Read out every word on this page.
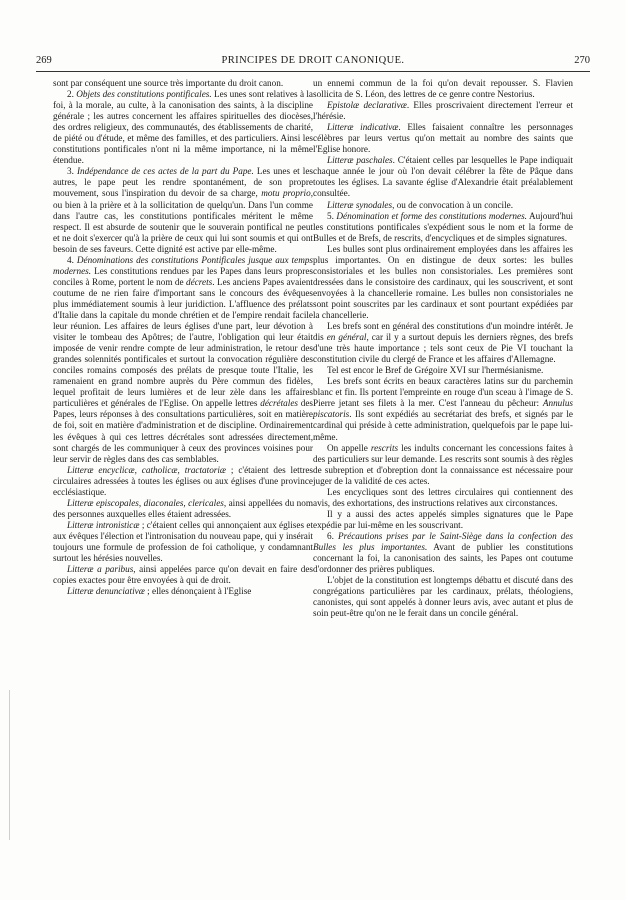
269	PRINCIPES DE DROIT CANONIQUE.	270

sont par conséquent une source très importante du droit canon.

2. Objets des constitutions pontificales. Les unes sont relatives à la foi, à la morale, au culte, à la canonisation des saints, à la discipline générale ; les autres concernent les affaires spirituelles des diocèses, des ordres religieux, des communautés, des établissements de charité, de piété ou d'étude, et même des familles, et des particuliers. Ainsi les constitutions pontificales n'ont ni la même importance, ni la même étendue.

3. Indépendance de ces actes de la part du Pape. Les unes et les autres, le pape peut les rendre spontanément, de son propre mouvement, sous l'inspiration du devoir de sa charge, motu proprio, ou bien à la prière et à la sollicitation de quelqu'un. Dans l'un comme dans l'autre cas, les constitutions pontificales méritent le même respect. Il est absurde de soutenir que le souverain pontifical ne peut et ne doit s'exercer qu'à la prière de ceux qui lui sont soumis et qui ont besoin de ses faveurs. Cette dignité est active par elle-même.

4. Dénominations des constitutions Pontificales jusque aux temps modernes. Les constitutions rendues par les Papes dans leurs propres conciles à Rome, portent le nom de décrets. Les anciens Papes avaient coutume de ne rien faire d'important sans le concours des évêques plus immédiatement soumis à leur juridiction. L'affluence des prélats d'Italie dans la capitale du monde chrétien et de l'empire rendait facile leur réunion. Les affaires de leurs églises d'une part, leur dévotion à visiter le tombeau des Apôtres; de l'autre, l'obligation qui leur était imposée de venir rendre compte de leur administration, le retour des grandes solennités pontificales et surtout la convocation régulière des conciles romains composés des prélats de presque toute l'Italie, les ramenaient en grand nombre auprès du Père commun des fidèles, lequel profitait de leurs lumières et de leur zèle dans les affaires particulières et générales de l'Eglise. On appelle lettres décrétales des Papes, leurs réponses à des consultations particulières, soit en matière de foi, soit en matière d'administration et de discipline. Ordinairement les évêques à qui ces lettres décrétales sont adressées directement, sont chargés de les communiquer à ceux des provinces voisines pour leur servir de règles dans des cas semblables.

Litteræ encyclicæ, catholicæ, tractatoriæ ; c'étaient des lettres circulaires adressées à toutes les églises ou aux églises d'une province ecclésiastique.

Litteræ episcopales, diaconales, clericales, ainsi appellées du nom des personnes auxquelles elles étaient adressées.

Litteræ intronisticæ ; c'étaient celles qui annonçaient aux églises et aux évêques l'élection et l'intronisation du nouveau pape, qui y insérait toujours une formule de profession de foi catholique, y condamnant surtout les hérésies nouvelles.

Litteræ a paribus, ainsi appelées parce qu'on devait en faire des copies exactes pour être envoyées à qui de droit.

Litteræ denunciativæ ; elles dénonçaient à l'Eglise

un ennemi commun de la foi qu'on devait repousser. S. Flavien sollicita de S. Léon, des lettres de ce genre contre Nestorius.

Epistolæ declarativæ. Elles proscrivaient directement l'erreur et l'hérésie.

Litteræ indicativæ. Elles faisaient connaître les personnages célèbres par leurs vertus qu'on mettait au nombre des saints que l'Eglise honore.

Litteræ paschales. C'étaient celles par lesquelles le Pape indiquait chaque année le jour où l'on devait célébrer la fête de Pâque dans toutes les églises. La savante église d'Alexandrie était préalablement consultée.

Litteræ synodales, ou de convocation à un concile.

5. Dénomination et forme des constitutions modernes. Aujourd'hui les constitutions pontificales s'expédient sous le nom et la forme de Bulles et de Brefs, de rescrits, d'encycliques et de simples signatures.

Les bulles sont plus ordinairement employées dans les affaires les plus importantes. On en distingue de deux sortes: les bulles consistoriales et les bulles non consistoriales. Les premières sont dressées dans le consistoire des cardinaux, qui les souscrivent, et sont envoyées à la chancellerie romaine. Les bulles non consistoriales ne sont point souscrites par les cardinaux et sont pourtant expédiées par la chancellerie.

Les brefs sont en général des constitutions d'un moindre intérêt. Je dis en général, car il y a surtout depuis les derniers règnes, des brefs d'une très haute importance ; tels sont ceux de Pie VI touchant la constitution civile du clergé de France et les affaires d'Allemagne.

Tel est encor le Bref de Grégoire XVI sur l'hermésianisme.

Les brefs sont écrits en beaux caractères latins sur du parchemin blanc et fin. Ils portent l'empreinte en rouge d'un sceau à l'image de S. Pierre jetant ses filets à la mer. C'est l'anneau du pêcheur: Annulus piscatoris. Ils sont expédiés au secrétariat des brefs, et signés par le cardinal qui préside à cette administration, quelquefois par le pape lui-même.

On appelle rescrits les indults concernant les concessions faites à des particuliers sur leur demande. Les rescrits sont soumis à des règles de subreption et d'obreption dont la connaissance est nécessaire pour juger de la validité de ces actes.

Les encycliques sont des lettres circulaires qui contiennent des avis, des exhortations, des instructions relatives aux circonstances.

Il y a aussi des actes appelés simples signatures que le Pape expédie par lui-même en les souscrivant.

6. Précautions prises par le Saint-Siège dans la confection des Bulles les plus importantes. Avant de publier les constitutions concernant la foi, la canonisation des saints, les Papes ont coutume d'ordonner des prières publiques.

L'objet de la constitution est longtemps débattu et discuté dans des congrégations particulières par les cardinaux, prélats, théologiens, canonistes, qui sont appelés à donner leurs avis, avec autant et plus de soin peut-être qu'on ne le ferait dans un concile général.
